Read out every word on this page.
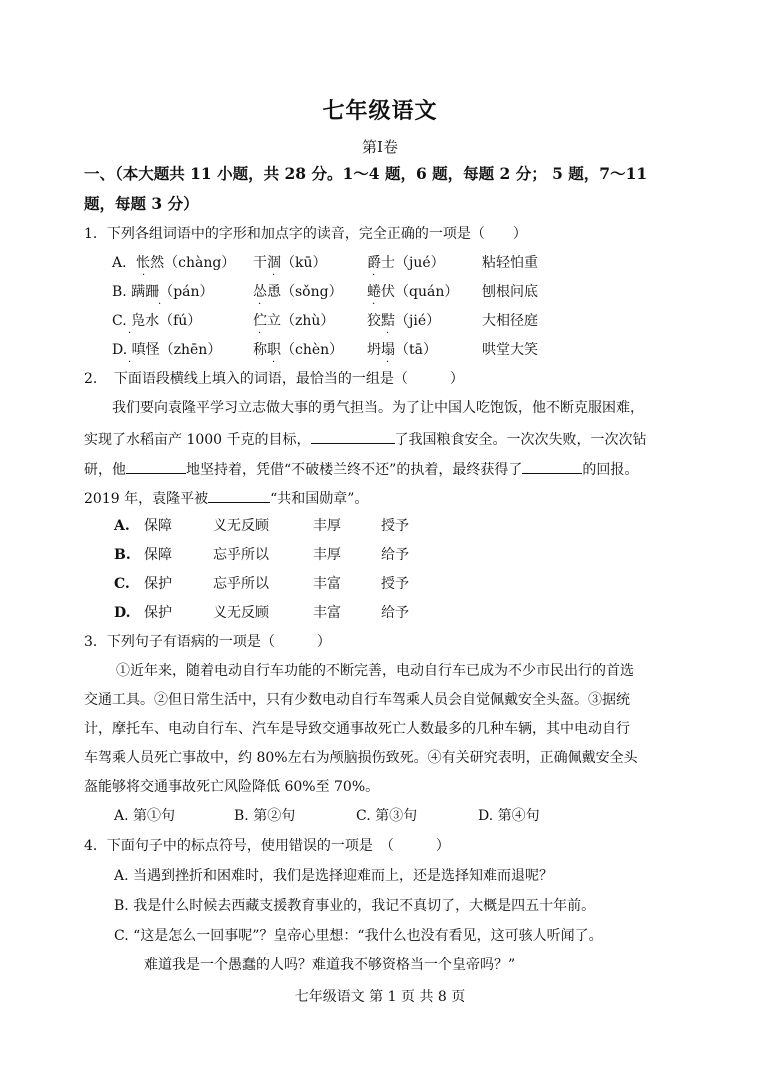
七年级语文
第Ⅰ卷
一、（本大题共 11 小题，共 28 分。1～4 题，6 题，每题 2 分； 5 题，7～11
题，每题 3 分）
1．下列各组词语中的字形和加点字的读音，完全正确的一项是（　　）
A．怅然（chàng） 干涸（kū）	爵士（jué）	粘轻怕重
B. 蹒跚（pán）	怂恿（sǒng） 蜷伏（quán） 刨根问底
C. 凫水（fú）	伫立（zhù） 狡黠（jié）	大相径庭
D. 嗔怪（zhēn） 称职（chèn） 坍塌（tā）	哄堂大笑
·	·	·
·	·	·
·	·	·
·	·	·
2．　下面语段横线上填入的词语，最恰当的一组是（　　　）
我们要向袁隆平学习立志做大事的勇气担当。为了让中国人吃饱饭，他不断克服困难，
实现了水稻亩产 1000 千克的目标，	了我国粮食安全。一次次失败，一次次钻
研，他	地坚持着，凭借“不破楼兰终不还”的执着，最终获得了	的回报。
2019 年，袁隆平被	“共和国勋章”。
A. 保障	义无反顾	丰厚	授予
B. 保障	忘乎所以	丰厚	给予
C. 保护	忘乎所以	丰富	授予
D. 保护	义无反顾	丰富	给予
3．下列句子有语病的一项是（　　　）
①近年来，随着电动自行车功能的不断完善，电动自行车已成为不少市民出行的首选
交通工具。②但日常生活中，只有少数电动自行车驾乘人员会自觉佩戴安全头盔。③据统
计，摩托车、电动自行车、汽车是导致交通事故死亡人数最多的几种车辆，其中电动自行
车驾乘人员死亡事故中，约 80%左右为颅脑损伤致死。④有关研究表明，正确佩戴安全头
盔能够将交通事故死亡风险降低 60%至 70%。
A. 第①句	B. 第②句	C. 第③句	D. 第④句
4．下面句子中的标点符号，使用错误的一项是　（　　　）
A. 当遇到挫折和困难时，我们是选择迎难而上，还是选择知难而退呢？
B. 我是什么时候去西藏支援教育事业的，我记不真切了，大概是四五十年前。
C. “这是怎么一回事呢”？皇帝心里想：“我什么也没有看见，这可骇人听闻了。
难道我是一个愚蠢的人吗？难道我不够资格当一个皇帝吗？”
七年级语文 第 1 页 共 8 页
